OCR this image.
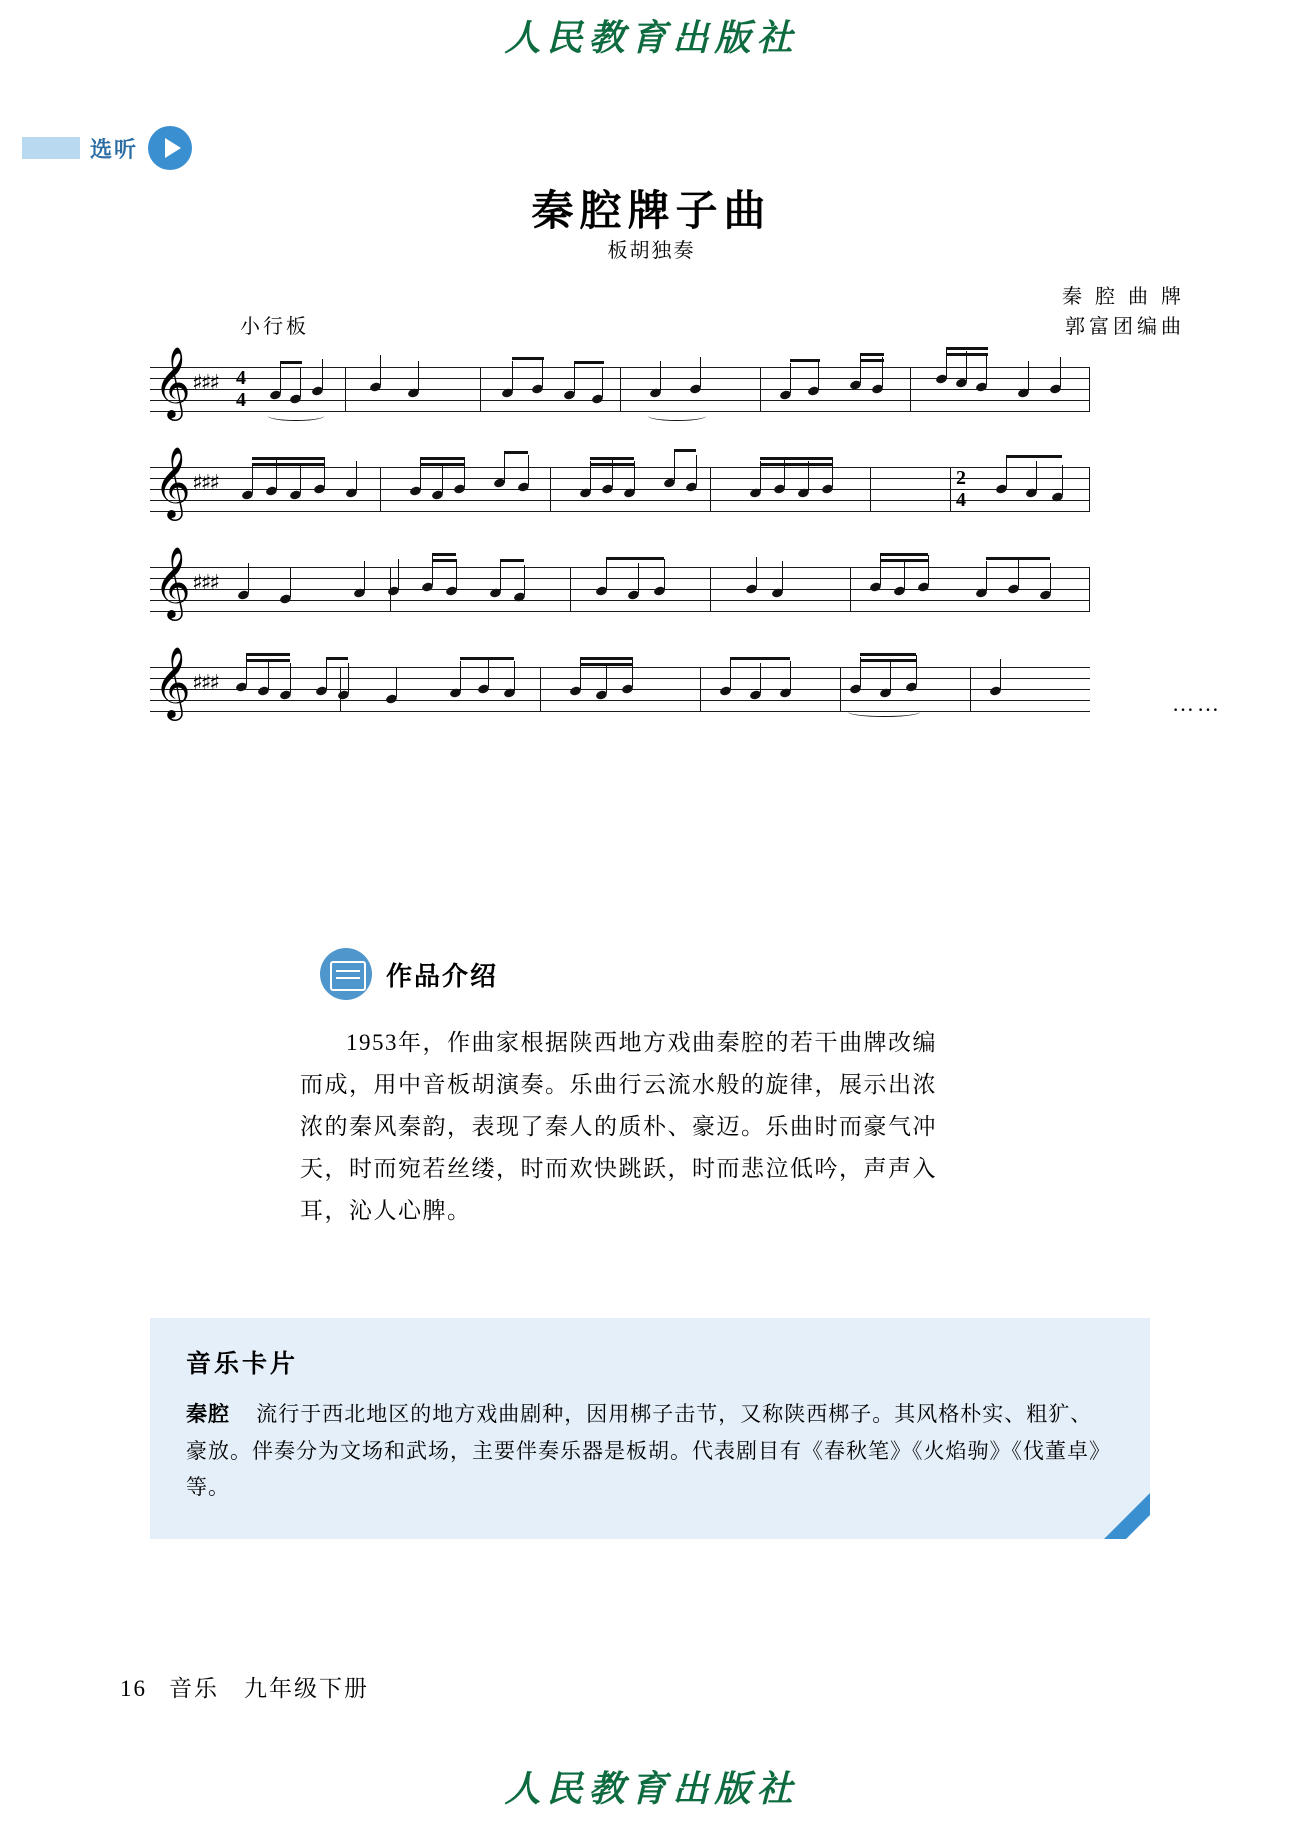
人民教育出版社
选听
秦腔牌子曲
板胡独奏
秦 腔 曲 牌
郭富团编曲
小行板
𝄞 ♯♯♯ 4
4
𝄞 ♯♯♯	2
4
𝄞 ♯♯♯
𝄞 ♯♯♯
……
作品介绍
1953年，作曲家根据陕西地方戏曲秦腔的若干曲牌改编而成，用中音板胡演奏。乐曲行云流水般的旋律，展示出浓浓的秦风秦韵，表现了秦人的质朴、豪迈。乐曲时而豪气冲天，时而宛若丝缕，时而欢快跳跃，时而悲泣低吟，声声入耳，沁人心脾。
音乐卡片
秦腔 流行于西北地区的地方戏曲剧种，因用梆子击节，又称陕西梆子。其风格朴实、粗犷、豪放。伴奏分为文场和武场，主要伴奏乐器是板胡。代表剧目有《春秋笔》《火焰驹》《伐董卓》等。
16 音乐　九年级下册
人民教育出版社
